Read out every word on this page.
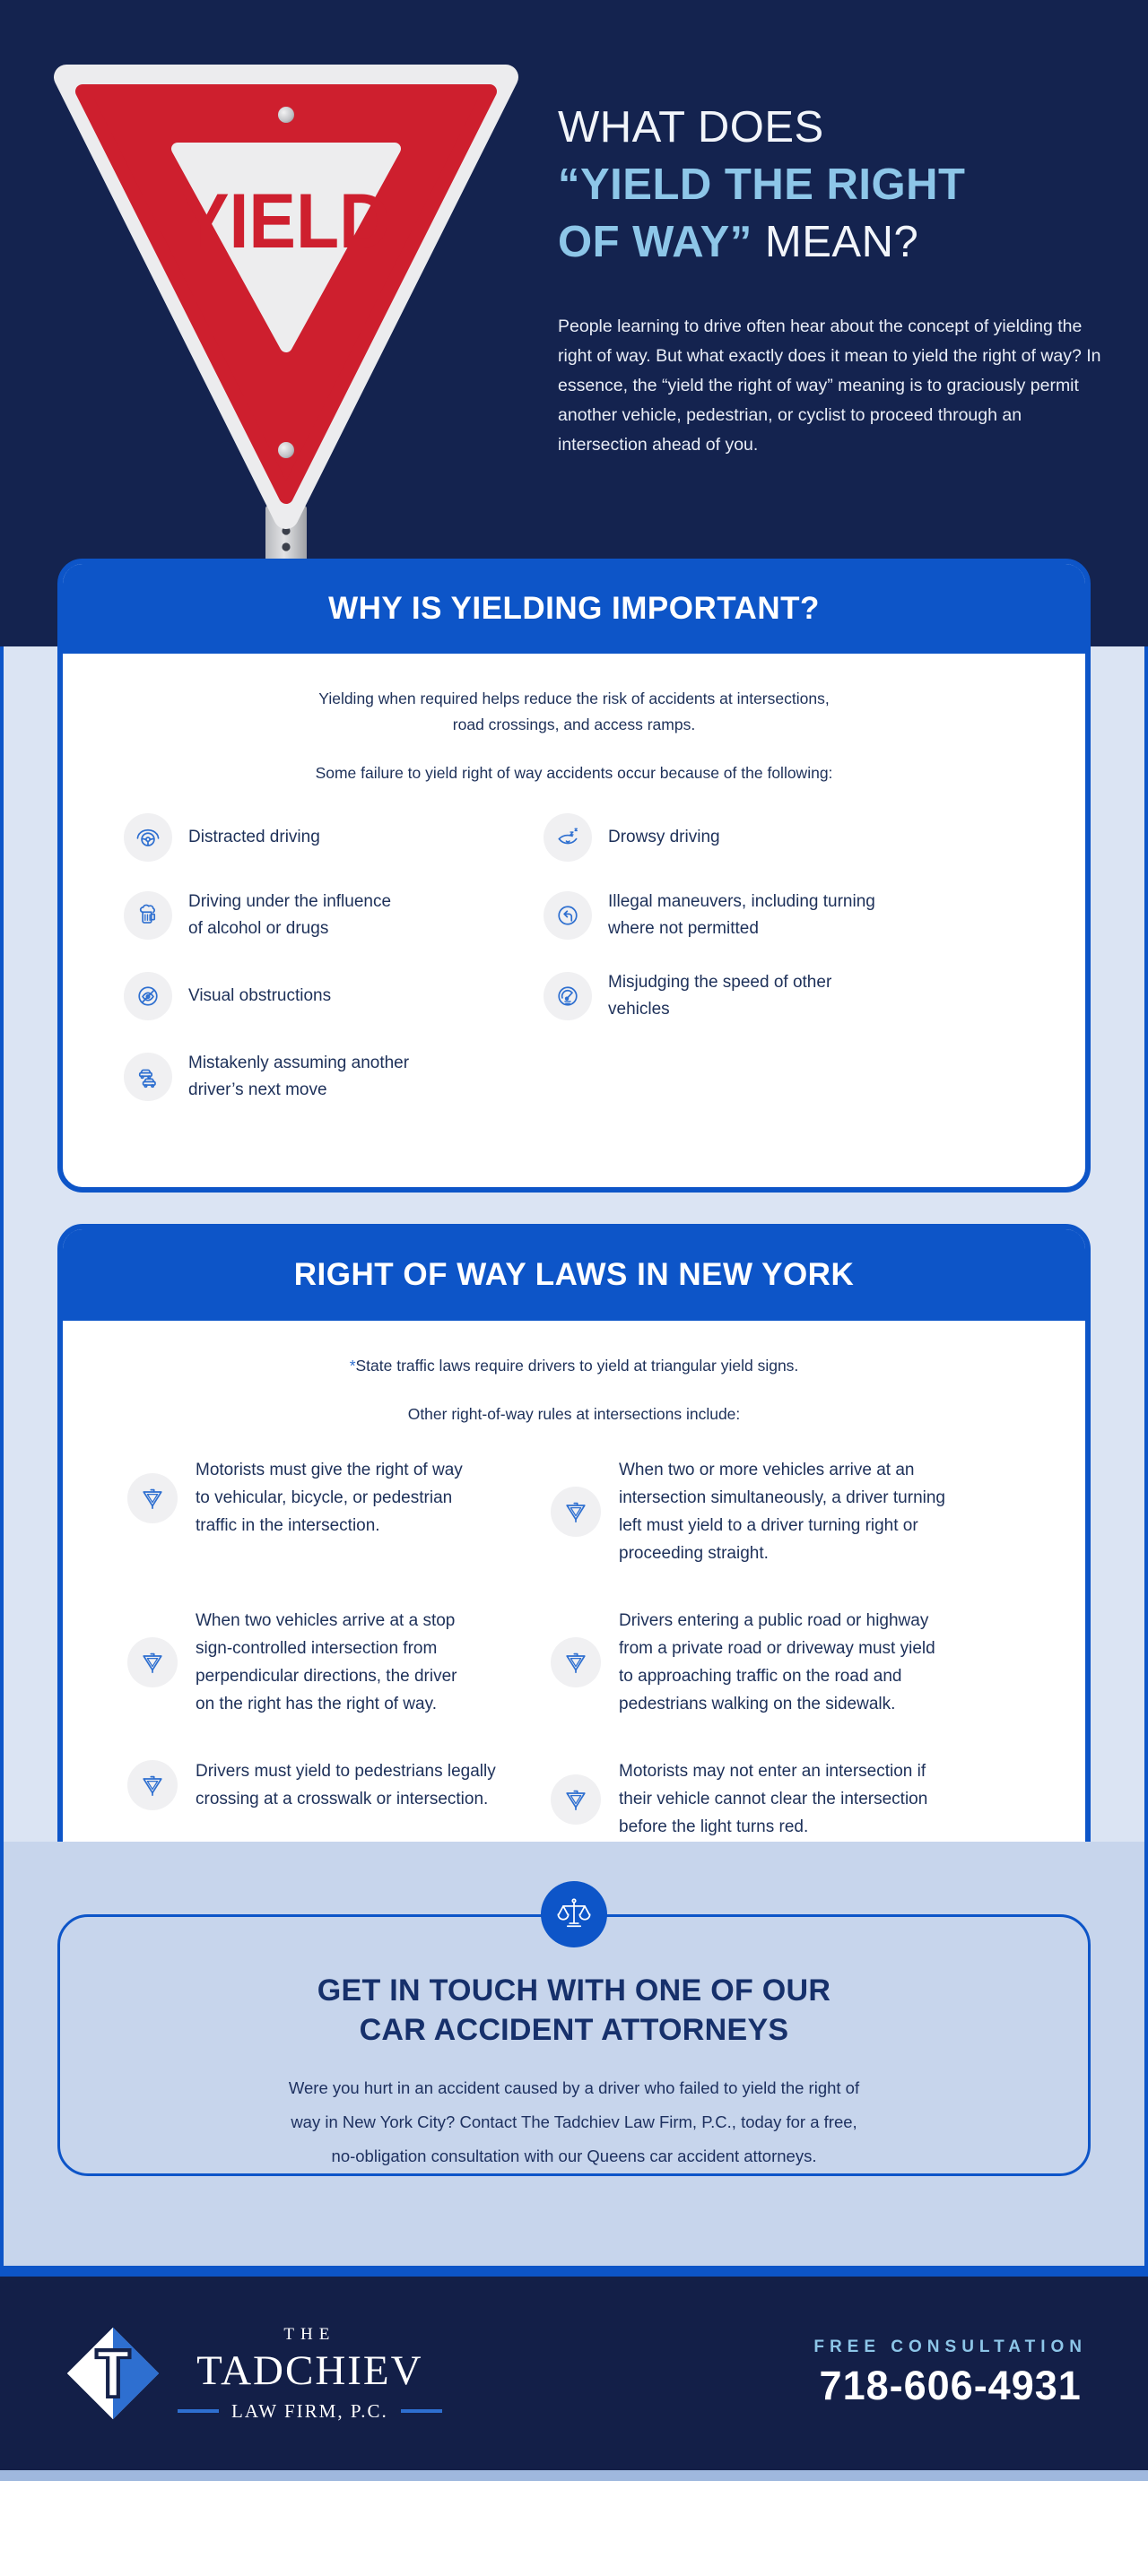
YIELD
WHAT DOES
“YIELD THE RIGHT
OF WAY” MEAN?

People learning to drive often hear about the concept of yielding the
right of way. But what exactly does it mean to yield the right of way? In
essence, the “yield the right of way” meaning is to graciously permit
another vehicle, pedestrian, or cyclist to proceed through an
intersection ahead of you.

WHY IS YIELDING IMPORTANT?

Yielding when required helps reduce the risk of accidents at intersections,
road crossings, and access ramps.

Some failure to yield right of way accidents occur because of the following:

Distracted driving	Drowsy driving
Driving under the influence
of alcohol or drugs
Illegal maneuvers, including turning
where not permitted
Visual obstructions
Misjudging the speed of other
vehicles
Mistakenly assuming another
driver’s next move
RIGHT OF WAY LAWS IN NEW YORK

*State traffic laws require drivers to yield at triangular yield signs.

Other right-of-way rules at intersections include:

Motorists must give the right of way
to vehicular, bicycle, or pedestrian
traffic in the intersection.
When two or more vehicles arrive at an
intersection simultaneously, a driver turning
left must yield to a driver turning right or
proceeding straight.
When two vehicles arrive at a stop
sign-controlled intersection from
perpendicular directions, the driver
on the right has the right of way.
Drivers entering a public road or highway
from a private road or driveway must yield
to approaching traffic on the road and
pedestrians walking on the sidewalk.
Drivers must yield to pedestrians legally
crossing at a crosswalk or intersection.
Motorists may not enter an intersection if
their vehicle cannot clear the intersection
before the light turns red.
GET IN TOUCH WITH ONE OF OUR
CAR ACCIDENT ATTORNEYS

Were you hurt in an accident caused by a driver who failed to yield the right of
way in New York City? Contact The Tadchiev Law Firm, P.C., today for a free,
no-obligation consultation with our Queens car accident attorneys.

THE
TADCHIEV
LAW FIRM, P.C.
FREE CONSULTATION
718-606-4931
